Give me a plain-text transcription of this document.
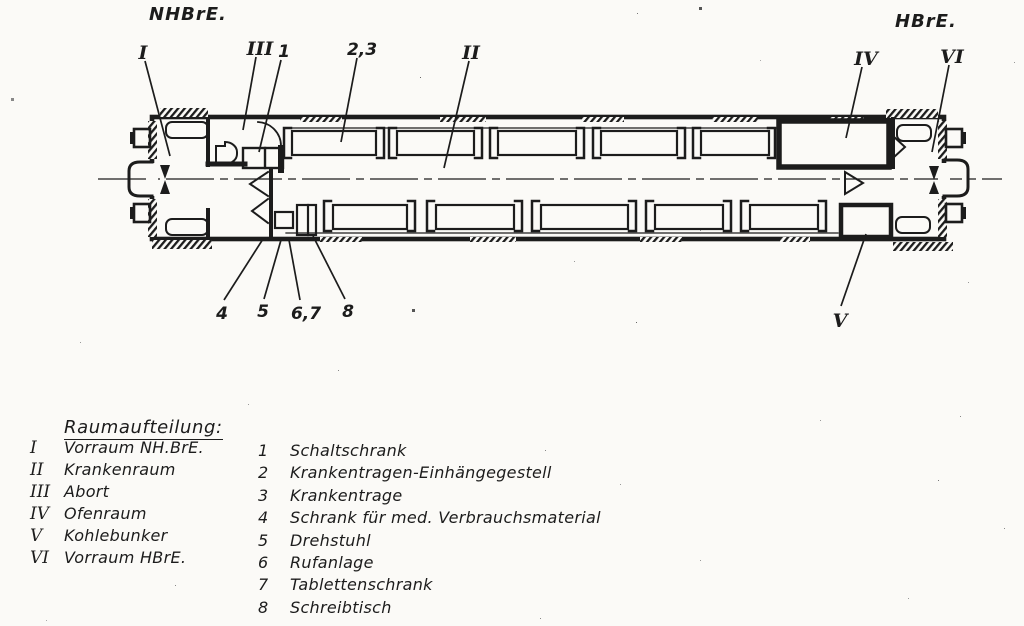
NHBrE.	HBrE.
I	II
III	IV
V
VI
1	2,3
4 5 6,7 8
Raumaufteilung:
I	Vorraum NH.BrE.
II	Krankenraum
III Abort
IV Ofenraum
V	Kohlebunker
VI Vorraum HBrE.
1	Schaltschrank
2	Krankentragen-Einhängegestell
3	Krankentrage
4	Schrank für med. Verbrauchsmaterial
5	Drehstuhl
6	Rufanlage
7	Tablettenschrank
8	Schreibtisch
